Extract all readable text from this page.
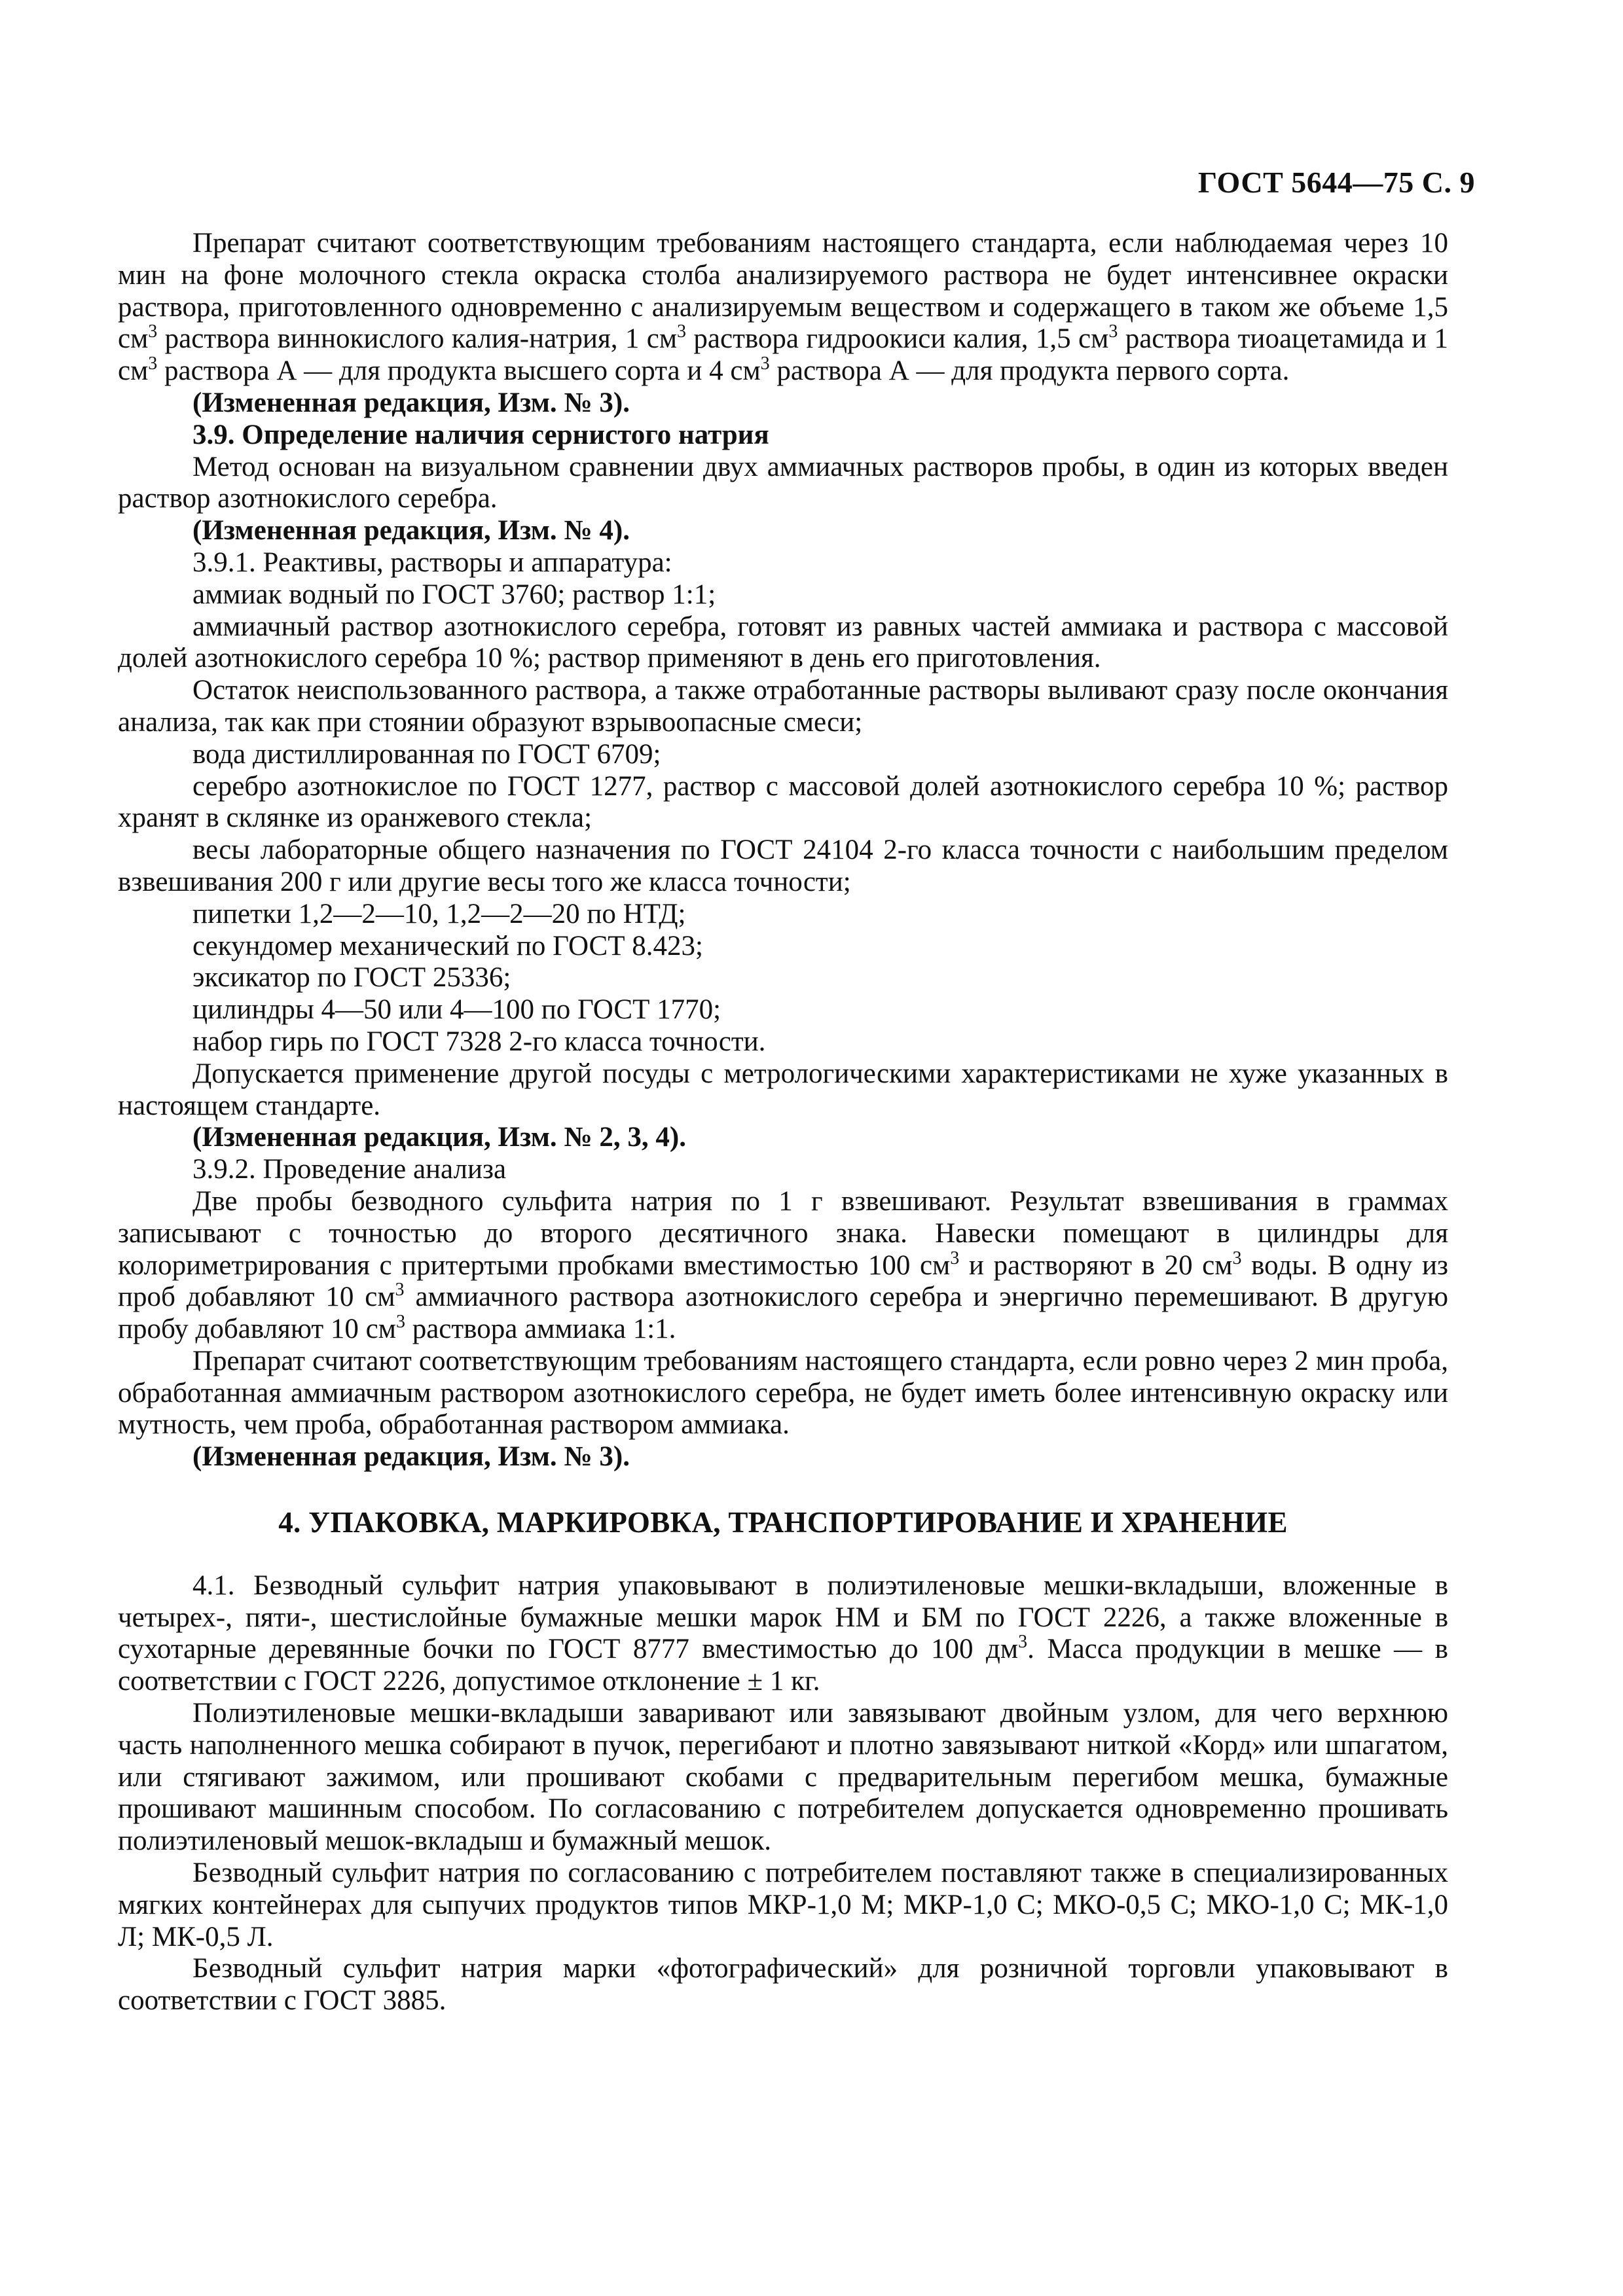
ГОСТ 5644—75 С. 9

Препарат считают соответствующим требованиям настоящего стандарта, если наблюдаемая через 10 мин на фоне молочного стекла окраска столба анализируемого раствора не будет интенсивнее окраски раствора, приготовленного одновременно с анализируемым веществом и содержащего в таком же объеме 1,5 $см^3$ раствора виннокислого калия-натрия, 1 $см^3$ раствора гидроокиси калия, 1,5 $см^3$ раствора тиоацетамида и 1 $см^3$ раствора А — для продукта высшего сорта и 4 $см^3$ раствора А — для продукта первого сорта.

(Измененная редакция, Изм. № 3).

3.9. Определение наличия сернистого натрия

Метод основан на визуальном сравнении двух аммиачных растворов пробы, в один из которых введен раствор азотнокислого серебра.

(Измененная редакция, Изм. № 4).

3.9.1. Реактивы, растворы и аппаратура:

аммиак водный по ГОСТ 3760; раствор 1:1;

аммиачный раствор азотнокислого серебра, готовят из равных частей аммиака и раствора с массовой долей азотнокислого серебра 10 %; раствор применяют в день его приготовления.

Остаток неиспользованного раствора, а также отработанные растворы выливают сразу после окончания анализа, так как при стоянии образуют взрывоопасные смеси;

вода дистиллированная по ГОСТ 6709;

серебро азотнокислое по ГОСТ 1277, раствор с массовой долей азотнокислого серебра 10 %; раствор хранят в склянке из оранжевого стекла;

весы лабораторные общего назначения по ГОСТ 24104 2-го класса точности с наибольшим пределом взвешивания 200 г или другие весы того же класса точности;

пипетки 1,2—2—10, 1,2—2—20 по НТД;

секундомер механический по ГОСТ 8.423;

эксикатор по ГОСТ 25336;

цилиндры 4—50 или 4—100 по ГОСТ 1770;

набор гирь по ГОСТ 7328 2-го класса точности.

Допускается применение другой посуды с метрологическими характеристиками не хуже указанных в настоящем стандарте.

(Измененная редакция, Изм. № 2, 3, 4).

3.9.2. Проведение анализа

Две пробы безводного сульфита натрия по 1 г взвешивают. Результат взвешивания в граммах записывают с точностью до второго десятичного знака. Навески помещают в цилиндры для колориметрирования с притертыми пробками вместимостью 100 $см^3$ и растворяют в 20 $см^3$ воды. В одну из проб добавляют 10 $см^3$ аммиачного раствора азотнокислого серебра и энергично перемешивают. В другую пробу добавляют 10 $см^3$ раствора аммиака 1:1.

Препарат считают соответствующим требованиям настоящего стандарта, если ровно через 2 мин проба, обработанная аммиачным раствором азотнокислого серебра, не будет иметь более интенсивную окраску или мутность, чем проба, обработанная раствором аммиака.

(Измененная редакция, Изм. № 3).

4. УПАКОВКА, МАРКИРОВКА, ТРАНСПОРТИРОВАНИЕ И ХРАНЕНИЕ

4.1. Безводный сульфит натрия упаковывают в полиэтиленовые мешки-вкладыши, вложенные в четырех-, пяти-, шестислойные бумажные мешки марок НМ и БМ по ГОСТ 2226, а также вложенные в сухотарные деревянные бочки по ГОСТ 8777 вместимостью до 100 $дм^3$. Масса продукции в мешке — в соответствии с ГОСТ 2226, допустимое отклонение ± 1 кг.

Полиэтиленовые мешки-вкладыши заваривают или завязывают двойным узлом, для чего верхнюю часть наполненного мешка собирают в пучок, перегибают и плотно завязывают ниткой «Корд» или шпагатом, или стягивают зажимом, или прошивают скобами с предварительным перегибом мешка, бумажные прошивают машинным способом. По согласованию с потребителем допускается одновременно прошивать полиэтиленовый мешок-вкладыш и бумажный мешок.

Безводный сульфит натрия по согласованию с потребителем поставляют также в специализированных мягких контейнерах для сыпучих продуктов типов МКР-1,0 М; МКР-1,0 С; МКО-0,5 С; МКО-1,0 С; МК-1,0 Л; МК-0,5 Л.

Безводный сульфит натрия марки «фотографический» для розничной торговли упаковывают в соответствии с ГОСТ 3885.
